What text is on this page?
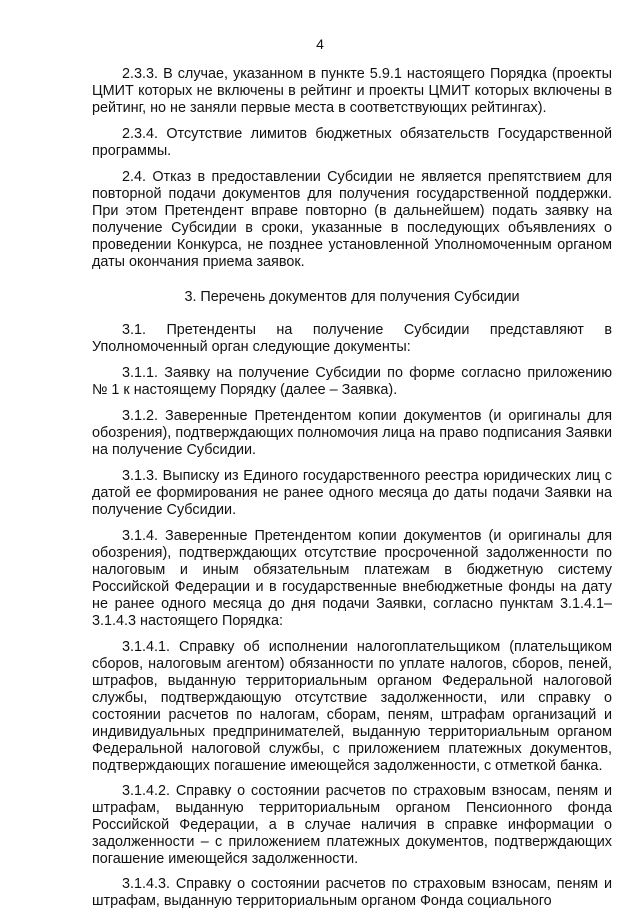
4

2.3.3. В случае, указанном в пункте 5.9.1 настоящего Порядка (проекты ЦМИТ которых не включены в рейтинг и проекты ЦМИТ которых включены в рейтинг, но не заняли первые места в соответствующих рейтингах).

2.3.4. Отсутствие лимитов бюджетных обязательств Государственной программы.

2.4. Отказ в предоставлении Субсидии не является препятствием для повторной подачи документов для получения государственной поддержки. При этом Претендент вправе повторно (в дальнейшем) подать заявку на получение Субсидии в сроки, указанные в последующих объявлениях о проведении Конкурса, не позднее установленной Уполномоченным органом даты окончания приема заявок.

3. Перечень документов для получения Субсидии

3.1. Претенденты на получение Субсидии представляют в Уполномоченный орган следующие документы:

3.1.1. Заявку на получение Субсидии по форме согласно приложению № 1 к настоящему Порядку (далее – Заявка).

3.1.2. Заверенные Претендентом копии документов (и оригиналы для обозрения), подтверждающих полномочия лица на право подписания Заявки на получение Субсидии.

3.1.3. Выписку из Единого государственного реестра юридических лиц с датой ее формирования не ранее одного месяца до даты подачи Заявки на получение Субсидии.

3.1.4. Заверенные Претендентом копии документов (и оригиналы для обозрения), подтверждающих отсутствие просроченной задолженности по налоговым и иным обязательным платежам в бюджетную систему Российской Федерации и в государственные внебюджетные фонды на дату не ранее одного месяца до дня подачи Заявки, согласно пунктам 3.1.4.1–3.1.4.3 настоящего Порядка:

3.1.4.1. Справку об исполнении налогоплательщиком (плательщиком сборов, налоговым агентом) обязанности по уплате налогов, сборов, пеней, штрафов, выданную территориальным органом Федеральной налоговой службы, подтверждающую отсутствие задолженности, или справку о состоянии расчетов по налогам, сборам, пеням, штрафам организаций и индивидуальных предпринимателей, выданную территориальным органом Федеральной налоговой службы, с приложением платежных документов, подтверждающих погашение имеющейся задолженности, с отметкой банка.

3.1.4.2. Справку о состоянии расчетов по страховым взносам, пеням и штрафам, выданную территориальным органом Пенсионного фонда Российской Федерации, а в случае наличия в справке информации о задолженности – с приложением платежных документов, подтверждающих погашение имеющейся задолженности.

3.1.4.3. Справку о состоянии расчетов по страховым взносам, пеням и штрафам, выданную территориальным органом Фонда социального
